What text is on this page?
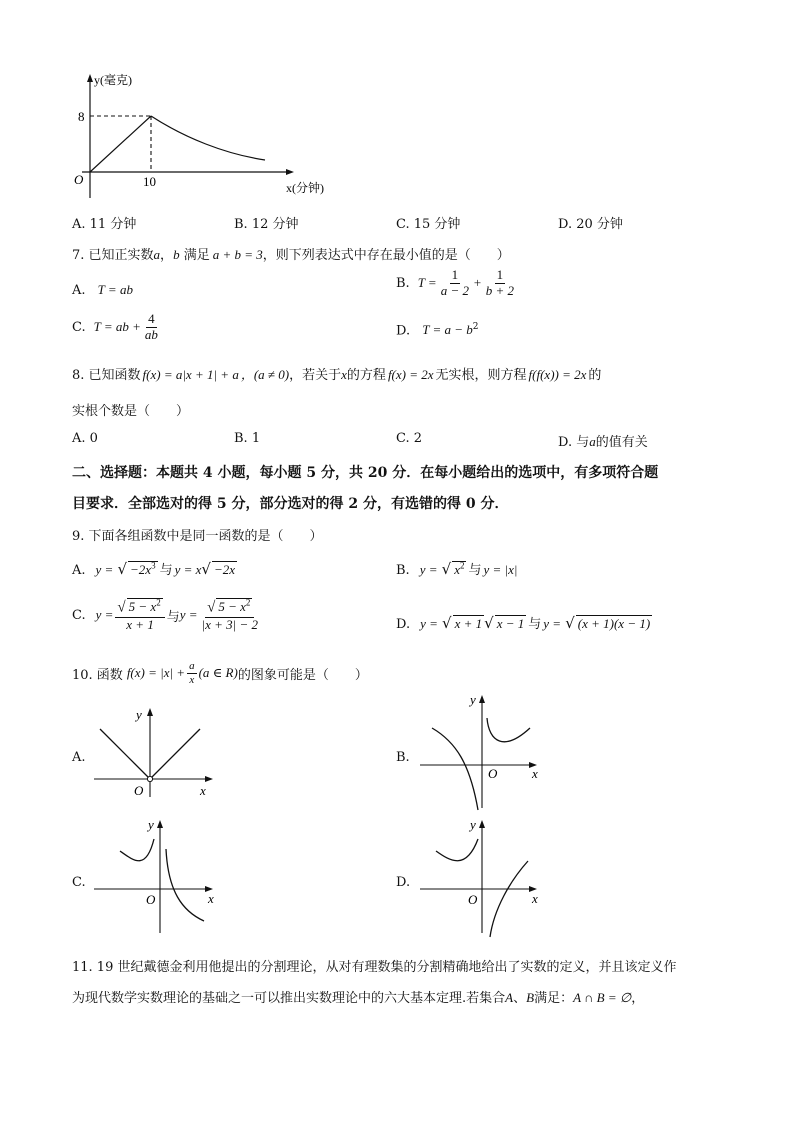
y(毫克)
x(分钟)
O
8
10
A. 11 分钟	B. 12 分钟	C. 15 分钟	D. 20 分钟
7. 已知正实数a，b 满足 a + b = 3，则下列表达式中存在最小值的是（　　）
A. T = ab	B. $T = \frac{1}{a - 2} + \frac{1}{b + 2}$
C. T = ab + $\frac{4}{ab}$	D. $T = a - b^2$
8. 已知函数 f(x) = a|x + 1| + a ，(a ≠ 0)，若关于x的方程 f(x) = 2x 无实根，则方程 f(f(x)) = 2x 的
实根个数是（　　）
A. 0	B. 1	C. 2	D. 与a的值有关
二、选择题：本题共 4 小题，每小题 5 分，共 20 分．在每小题给出的选项中，有多项符合题
目要求．全部选对的得 5 分，部分选对的得 2 分，有选错的得 0 分．
9. 下面各组函数中是同一函数的是（　　）
A. y = √ $-2x^3$ 与 y = x√ −2x	B. y = √ $x^2$ 与 y = |x|
C. $y = \frac{√ 5 - x^2}{x + 1}$ 与 $y = \frac{√ 5 - x^2}{|x + 3| - 2}$	D. y = √ x + 1 √ x − 1 与 y = √ (x + 1)(x − 1)
10. 函数 $f(x) = |x| + \frac{a}{x} (a$ ∈ R) 的图象可能是（　　）
A.
y
x
O
B.
y
x
O
C.
y
x
O
D.
y
x
O
11. 19 世纪戴德金利用他提出的分割理论，从对有理数集的分割精确地给出了实数的定义，并且该定义作
为现代数学实数理论的基础之一可以推出实数理论中的六大基本定理.若集合A、B满足：A ∩ B = ∅，
